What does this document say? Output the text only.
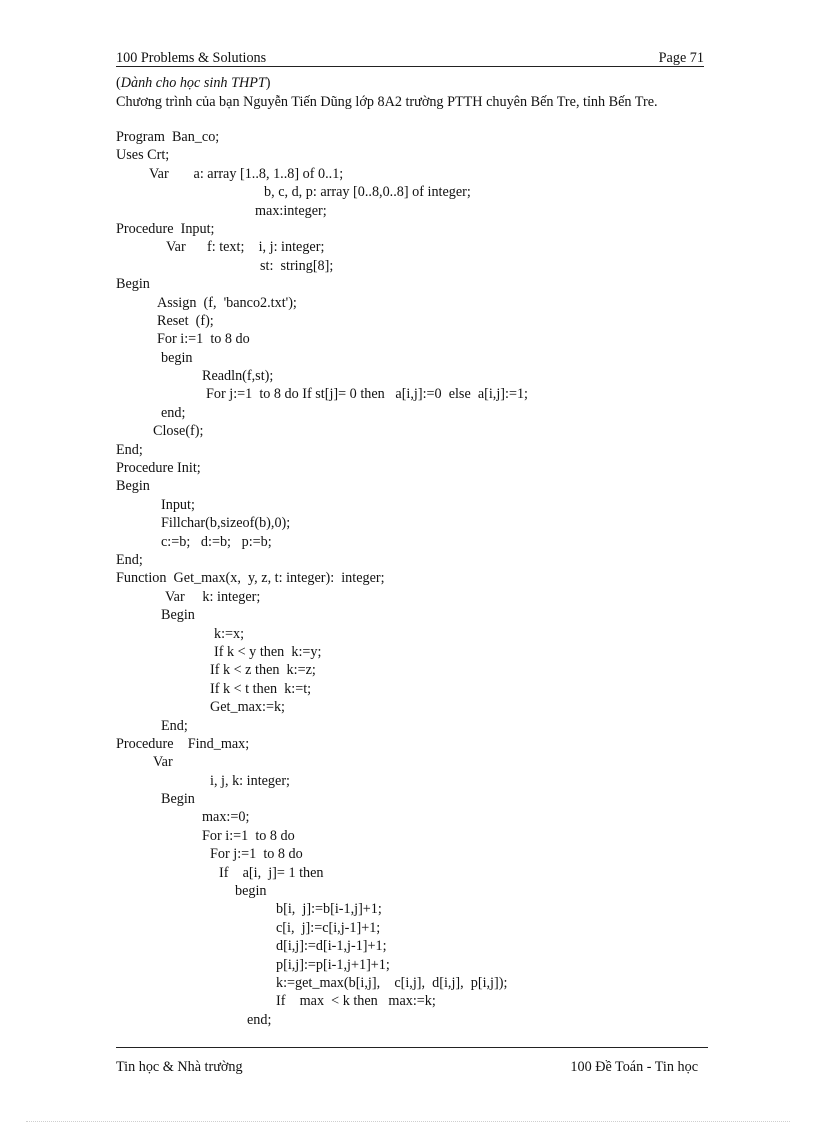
100 Problems & Solutions	Page 71
(Dành cho học sinh THPT)
Chương trình của bạn Nguyễn Tiến Dũng lớp 8A2 trường PTTH chuyên Bến Tre, tỉnh Bến Tre.
Program  Ban_co;
Uses Crt;
Var       a: array [1..8, 1..8] of 0..1;
b, c, d, p: array [0..8,0..8] of integer;
max:integer;
Procedure  Input;
Var      f: text;    i, j: integer;
st:  string[8];
Begin
Assign  (f,  'banco2.txt');
Reset  (f);
For i:=1  to 8 do
begin
Readln(f,st);
For j:=1  to 8 do If st[j]= 0 then   a[i,j]:=0  else  a[i,j]:=1;
end;
Close(f);
End;
Procedure Init;
Begin
Input;
Fillchar(b,sizeof(b),0);
c:=b;   d:=b;   p:=b;
End;
Function  Get_max(x,  y, z, t: integer):  integer;
Var     k: integer;
Begin
k:=x;
If k < y then  k:=y;
If k < z then  k:=z;
If k < t then  k:=t;
Get_max:=k;
End;
Procedure    Find_max;
Var
i, j, k: integer;
Begin
max:=0;
For i:=1  to 8 do
For j:=1  to 8 do
If    a[i,  j]= 1 then
begin
b[i,  j]:=b[i-1,j]+1;
c[i,  j]:=c[i,j-1]+1;
d[i,j]:=d[i-1,j-1]+1;
p[i,j]:=p[i-1,j+1]+1;
k:=get_max(b[i,j],    c[i,j],  d[i,j],  p[i,j]);
If    max  < k then   max:=k;
end;
Tin học & Nhà trường	100 Đề Toán - Tin học
